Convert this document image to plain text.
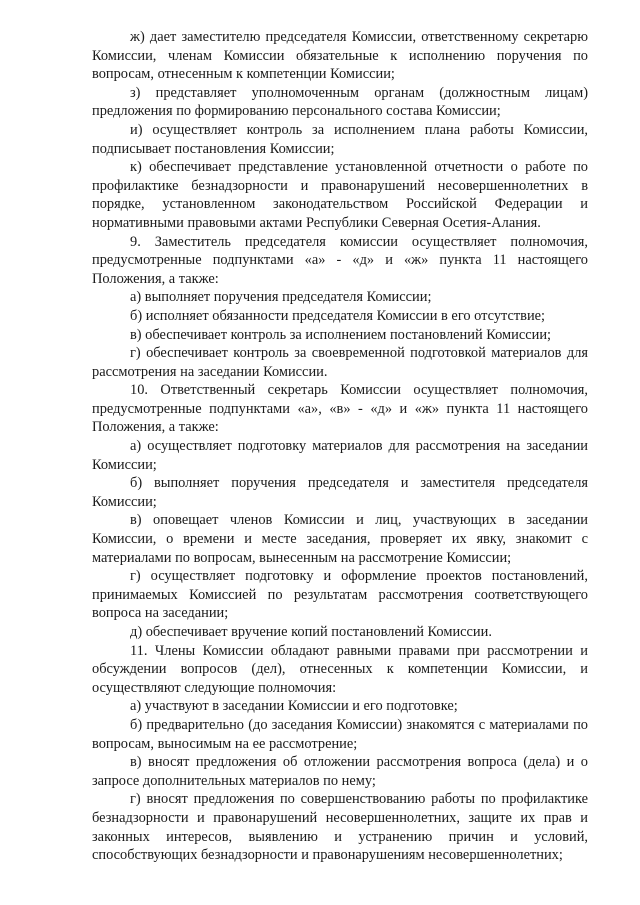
ж) дает заместителю председателя Комиссии, ответственному секретарю Комиссии, членам Комиссии обязательные к исполнению поручения по вопросам, отнесенным к компетенции Комиссии;

з) представляет уполномоченным органам (должностным лицам) предложения по формированию персонального состава Комиссии;

и) осуществляет контроль за исполнением плана работы Комиссии, подписывает постановления Комиссии;

к) обеспечивает представление установленной отчетности о работе по профилактике безнадзорности и правонарушений несовершеннолетних в порядке, установленном законодательством Российской Федерации и нормативными правовыми актами Республики Северная Осетия-Алания.

9. Заместитель председателя комиссии осуществляет полномочия, предусмотренные подпунктами «а» - «д» и «ж» пункта 11 настоящего Положения, а также:

а) выполняет поручения председателя Комиссии;

б) исполняет обязанности председателя Комиссии в его отсутствие;

в) обеспечивает контроль за исполнением постановлений Комиссии;

г) обеспечивает контроль за своевременной подготовкой материалов для рассмотрения на заседании Комиссии.

10. Ответственный секретарь Комиссии осуществляет полномочия, предусмотренные подпунктами «а», «в» - «д» и «ж» пункта 11 настоящего Положения, а также:

а) осуществляет подготовку материалов для рассмотрения на заседании Комиссии;

б) выполняет поручения председателя и заместителя председателя Комиссии;

в) оповещает членов Комиссии и лиц, участвующих в заседании Комиссии, о времени и месте заседания, проверяет их явку, знакомит с материалами по вопросам, вынесенным на рассмотрение Комиссии;

г) осуществляет подготовку и оформление проектов постановлений, принимаемых Комиссией по результатам рассмотрения соответствующего вопроса на заседании;

д) обеспечивает вручение копий постановлений Комиссии.

11. Члены Комиссии обладают равными правами при рассмотрении и обсуждении вопросов (дел), отнесенных к компетенции Комиссии, и осуществляют следующие полномочия:

а) участвуют в заседании Комиссии и его подготовке;

б) предварительно (до заседания Комиссии) знакомятся с материалами по вопросам, выносимым на ее рассмотрение;

в) вносят предложения об отложении рассмотрения вопроса (дела) и о запросе дополнительных материалов по нему;

г) вносят предложения по совершенствованию работы по профилактике безнадзорности и правонарушений несовершеннолетних, защите их прав и законных интересов, выявлению и устранению причин и условий, способствующих безнадзорности и правонарушениям несовершеннолетних;
